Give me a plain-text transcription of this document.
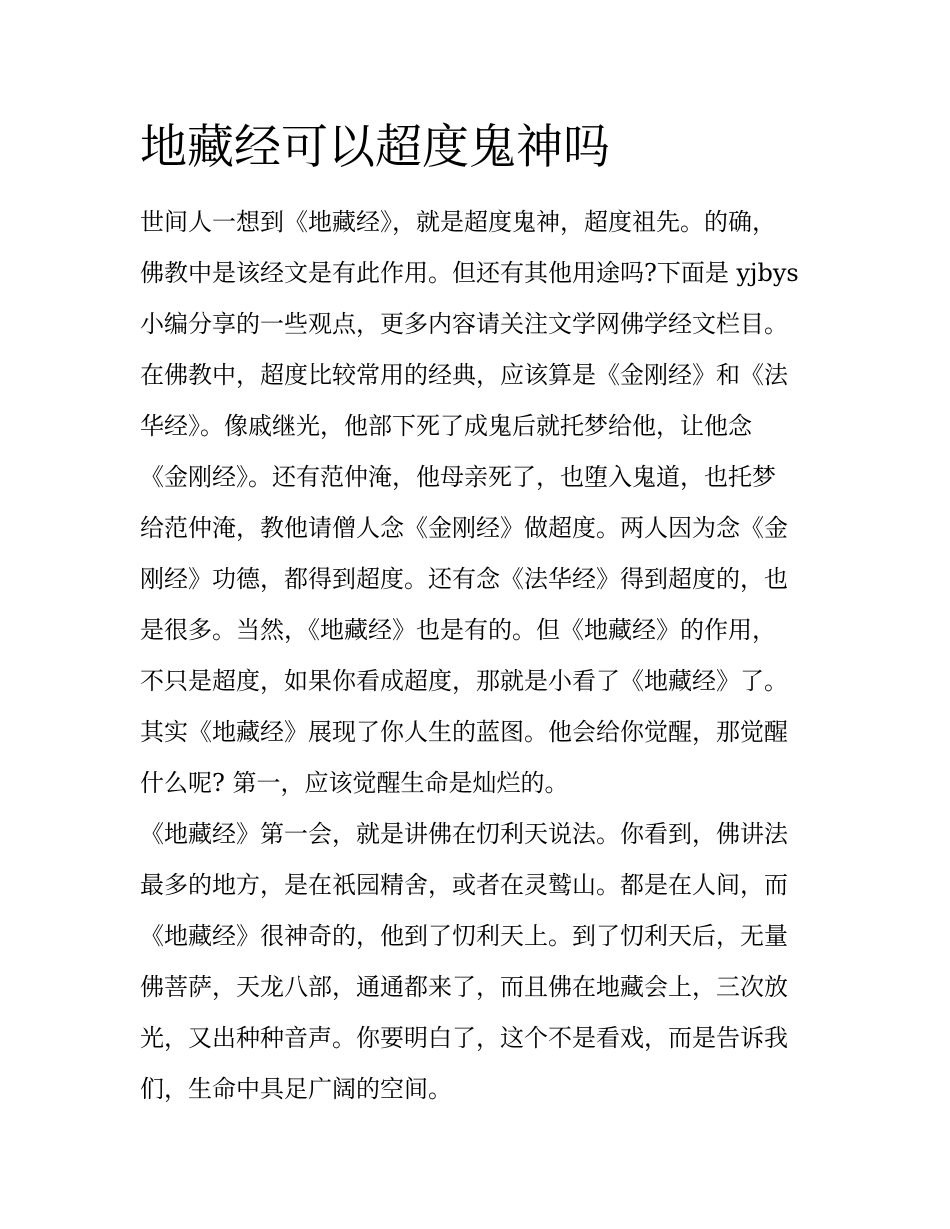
地藏经可以超度鬼神吗
世间人一想到《地藏经》，就是超度鬼神，超度祖先。的确，
佛教中是该经文是有此作用。但还有其他用途吗?下面是 yjbys
小编分享的一些观点，更多内容请关注文学网佛学经文栏目。
在佛教中，超度比较常用的经典，应该算是《金刚经》和《法
华经》。像戚继光，他部下死了成鬼后就托梦给他，让他念
《金刚经》。还有范仲淹，他母亲死了，也堕入鬼道，也托梦
给范仲淹，教他请僧人念《金刚经》做超度。两人因为念《金
刚经》功德，都得到超度。还有念《法华经》得到超度的，也
是很多。当然，《地藏经》也是有的。但《地藏经》的作用，
不只是超度，如果你看成超度，那就是小看了《地藏经》了。
其实《地藏经》展现了你人生的蓝图。他会给你觉醒，那觉醒
什么呢? 第一，应该觉醒生命是灿烂的。
《地藏经》第一会，就是讲佛在忉利天说法。你看到，佛讲法
最多的地方，是在祇园精舍，或者在灵鹫山。都是在人间，而
《地藏经》很神奇的，他到了忉利天上。到了忉利天后，无量
佛菩萨，天龙八部，通通都来了，而且佛在地藏会上，三次放
光，又出种种音声。你要明白了，这个不是看戏，而是告诉我
们，生命中具足广阔的空间。
